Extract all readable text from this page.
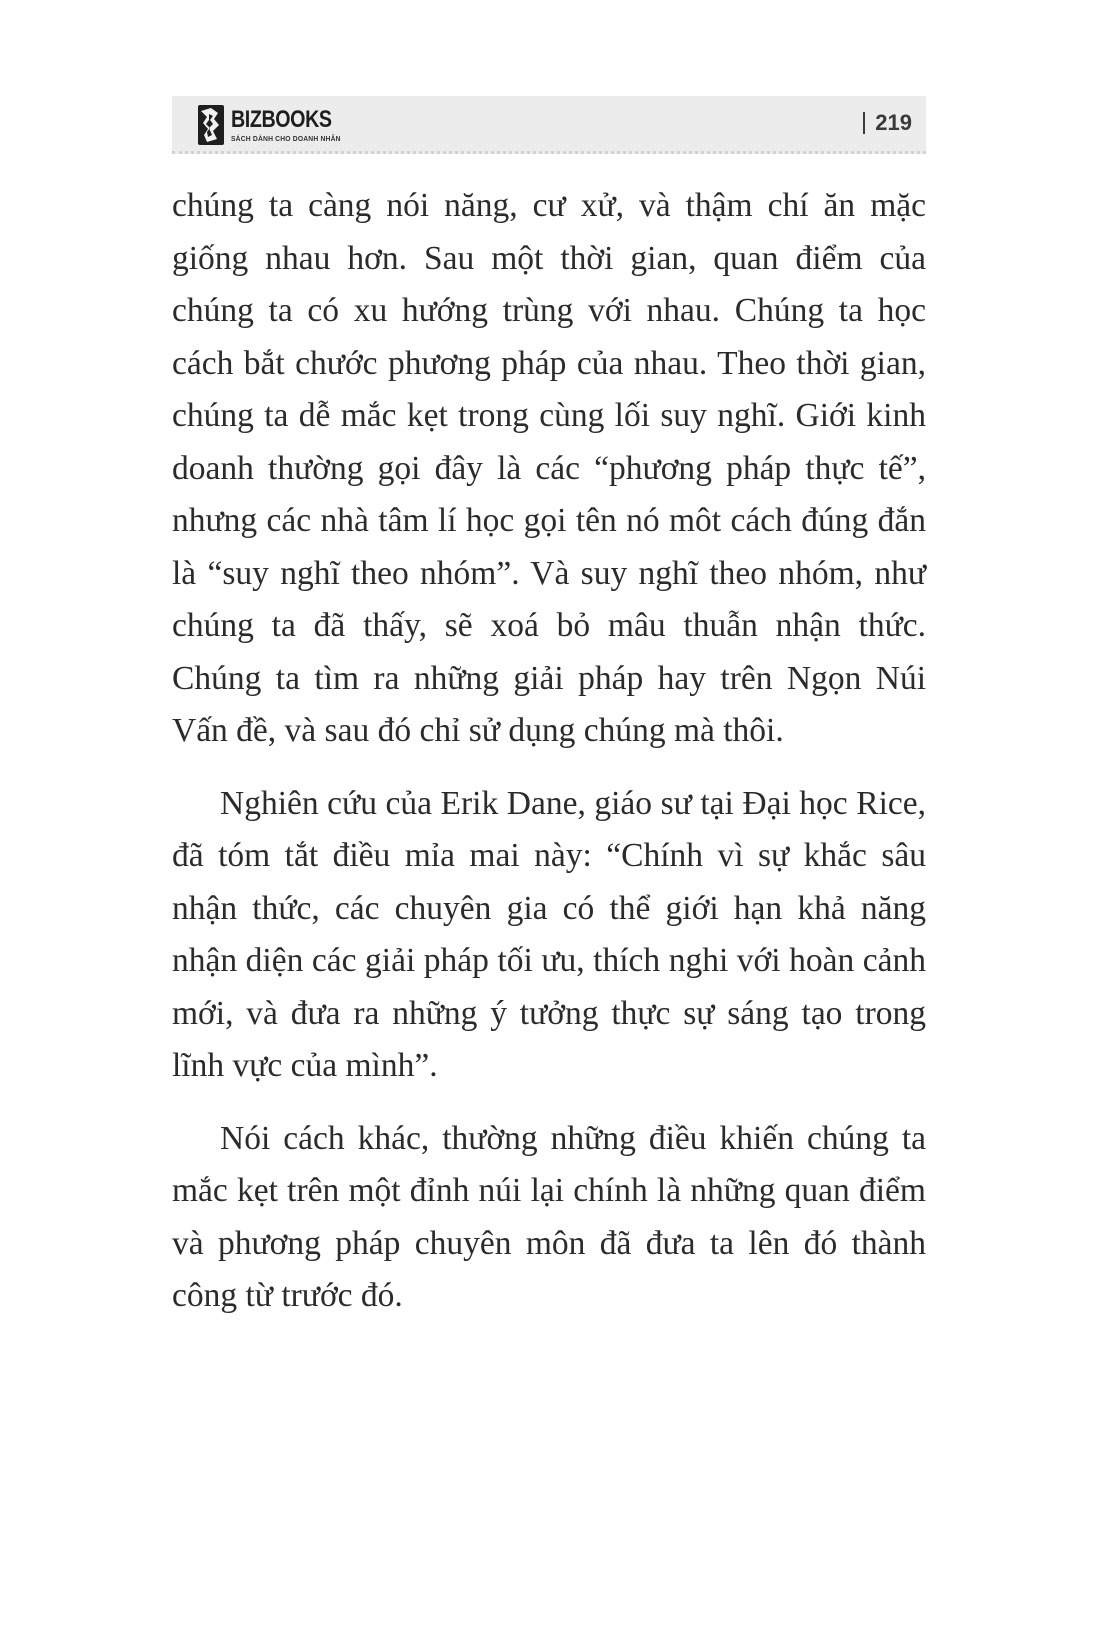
BIZBOOKS
SÁCH DÀNH CHO DOANH NHÂN
219

chúng ta càng nói năng, cư xử, và thậm chí ăn mặc giống nhau hơn. Sau một thời gian, quan điểm của chúng ta có xu hướng trùng với nhau. Chúng ta học cách bắt chước phương pháp của nhau. Theo thời gian, chúng ta dễ mắc kẹt trong cùng lối suy nghĩ. Giới kinh doanh thường gọi đây là các “phương pháp thực tế”, nhưng các nhà tâm lí học gọi tên nó môt cách đúng đắn là “suy nghĩ theo nhóm”. Và suy nghĩ theo nhóm, như chúng ta đã thấy, sẽ xoá bỏ mâu thuẫn nhận thức. Chúng ta tìm ra những giải pháp hay trên Ngọn Núi Vấn đề, và sau đó chỉ sử dụng chúng mà thôi.

Nghiên cứu của Erik Dane, giáo sư tại Đại học Rice, đã tóm tắt điều mỉa mai này: “Chính vì sự khắc sâu nhận thức, các chuyên gia có thể giới hạn khả năng nhận diện các giải pháp tối ưu, thích nghi với hoàn cảnh mới, và đưa ra những ý tưởng thực sự sáng tạo trong lĩnh vực của mình”.

Nói cách khác, thường những điều khiến chúng ta mắc kẹt trên một đỉnh núi lại chính là những quan điểm và phương pháp chuyên môn đã đưa ta lên đó thành công từ trước đó.
